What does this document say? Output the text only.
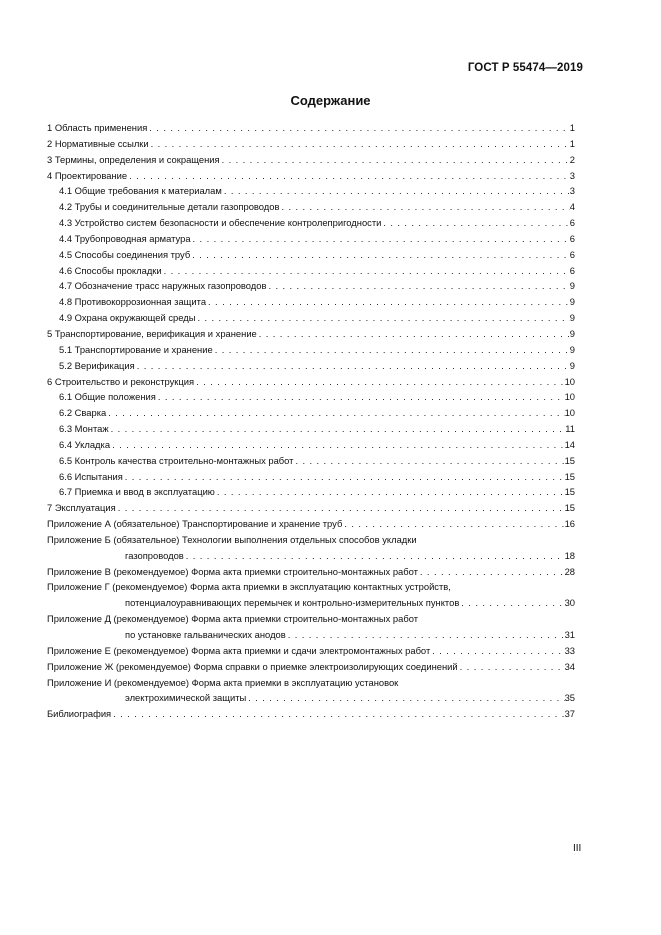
ГОСТ Р 55474—2019
Содержание
1 Область применения . . .	1
2 Нормативные ссылки . . .	1
3 Термины, определения и сокращения . . .	2
4 Проектирование . . .	3
4.1 Общие требования к материалам . . .	3
4.2 Трубы и соединительные детали газопроводов . . .	4
4.3 Устройство систем безопасности и обеспечение контролепригодности . . .	6
4.4 Трубопроводная арматура . . .	6
4.5 Способы соединения труб . . .	6
4.6 Способы прокладки . . .	6
4.7 Обозначение трасс наружных газопроводов . . .	9
4.8 Противокоррозионная защита . . .	9
4.9 Охрана окружающей среды . . .	9
5 Транспортирование, верификация и хранение . . .	9
5.1 Транспортирование и хранение . . .	9
5.2 Верификация . . .	9
6 Строительство и реконструкция . . .	10
6.1 Общие положения . . .	10
6.2 Сварка . . .	10
6.3 Монтаж . . .	11
6.4 Укладка . . .	14
6.5 Контроль качества строительно-монтажных работ . . .	15
6.6 Испытания . . .	15
6.7 Приемка и ввод в эксплуатацию . . .	15
7 Эксплуатация . . .	15
Приложение А (обязательное) Транспортирование и хранение труб . . .	16
Приложение Б (обязательное) Технологии выполнения отдельных способов укладки
газопроводов . . .	18
Приложение В (рекомендуемое) Форма акта приемки строительно-монтажных работ . . .	28
Приложение Г (рекомендуемое) Форма акта приемки в эксплуатацию контактных устройств,
потенциалоуравнивающих перемычек и контрольно-измерительных пунктов . . .	30
Приложение Д (рекомендуемое) Форма акта приемки строительно-монтажных работ
по установке гальванических анодов . . .	31
Приложение Е (рекомендуемое) Форма акта приемки и сдачи электромонтажных работ . . .	33
Приложение Ж (рекомендуемое) Форма справки о приемке электроизолирующих соединений . . .	34
Приложение И (рекомендуемое) Форма акта приемки в эксплуатацию установок
электрохимической защиты . . .	35
Библиография . . .	37
III
